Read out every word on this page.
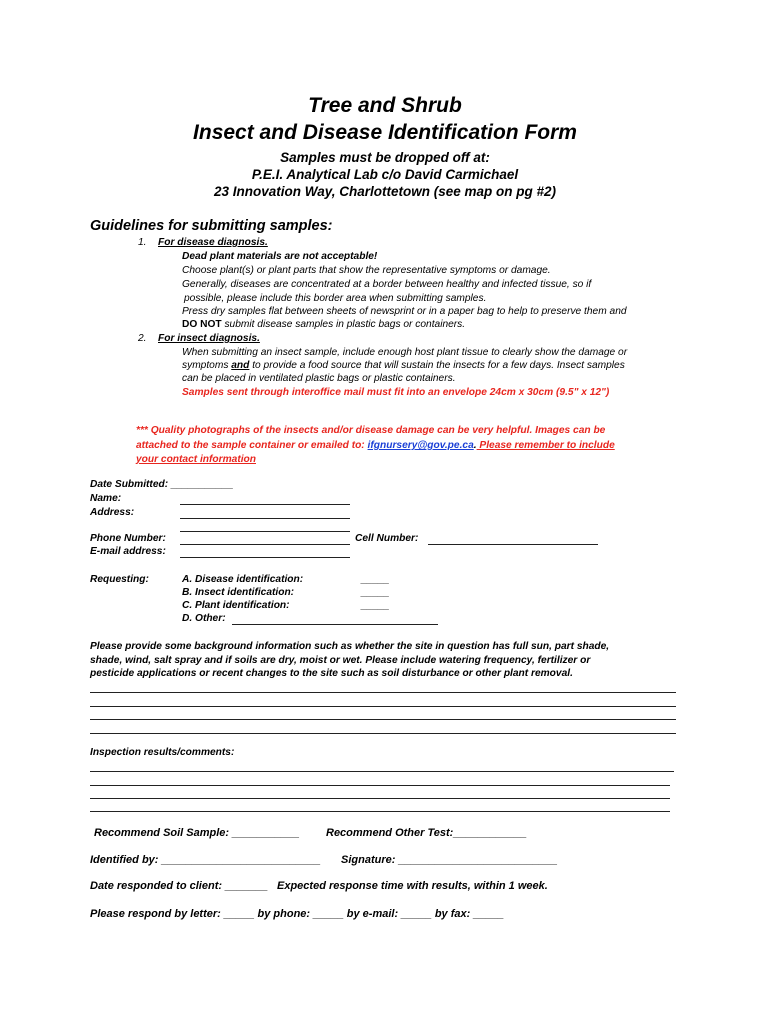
Tree and Shrub
Insect and Disease Identification Form
Samples must be dropped off at:
P.E.I. Analytical Lab c/o David Carmichael
23 Innovation Way, Charlottetown (see map on pg #2)
Guidelines for submitting samples:
1. For disease diagnosis.
Dead plant materials are not acceptable!
Choose plant(s) or plant parts that show the representative symptoms or damage.
Generally, diseases are concentrated at a border between healthy and infected tissue, so if
possible, please include this border area when submitting samples.
Press dry samples flat between sheets of newsprint or in a paper bag to help to preserve them and
DO NOT submit disease samples in plastic bags or containers.
2. For insect diagnosis.
When submitting an insect sample, include enough host plant tissue to clearly show the damage or
symptoms and to provide a food source that will sustain the insects for a few days. Insect samples
can be placed in ventilated plastic bags or plastic containers.
Samples sent through interoffice mail must fit into an envelope 24cm x 30cm (9.5" x 12")
*** Quality photographs of the insects and/or disease damage can be very helpful. Images can be
attached to the sample container or emailed to: ifgnursery@gov.pe.ca. Please remember to include
your contact information
Date Submitted: ___________
Name:
Address:
Phone Number:	Cell Number:
E-mail address:
Requesting:	A. Disease identification:	_____
B. Insect identification:	_____
C. Plant identification:	_____
D. Other:
Please provide some background information such as whether the site in question has full sun, part shade,
shade, wind, salt spray and if soils are dry, moist or wet. Please include watering frequency, fertilizer or
pesticide applications or recent changes to the site such as soil disturbance or other plant removal.
Inspection results/comments:
Recommend Soil Sample: ___________ Recommend Other Test:____________
Identified by: __________________________ Signature: __________________________
Date responded to client: _______ Expected response time with results, within 1 week.
Please respond by letter: _____ by phone: _____ by e-mail: _____ by fax: _____
